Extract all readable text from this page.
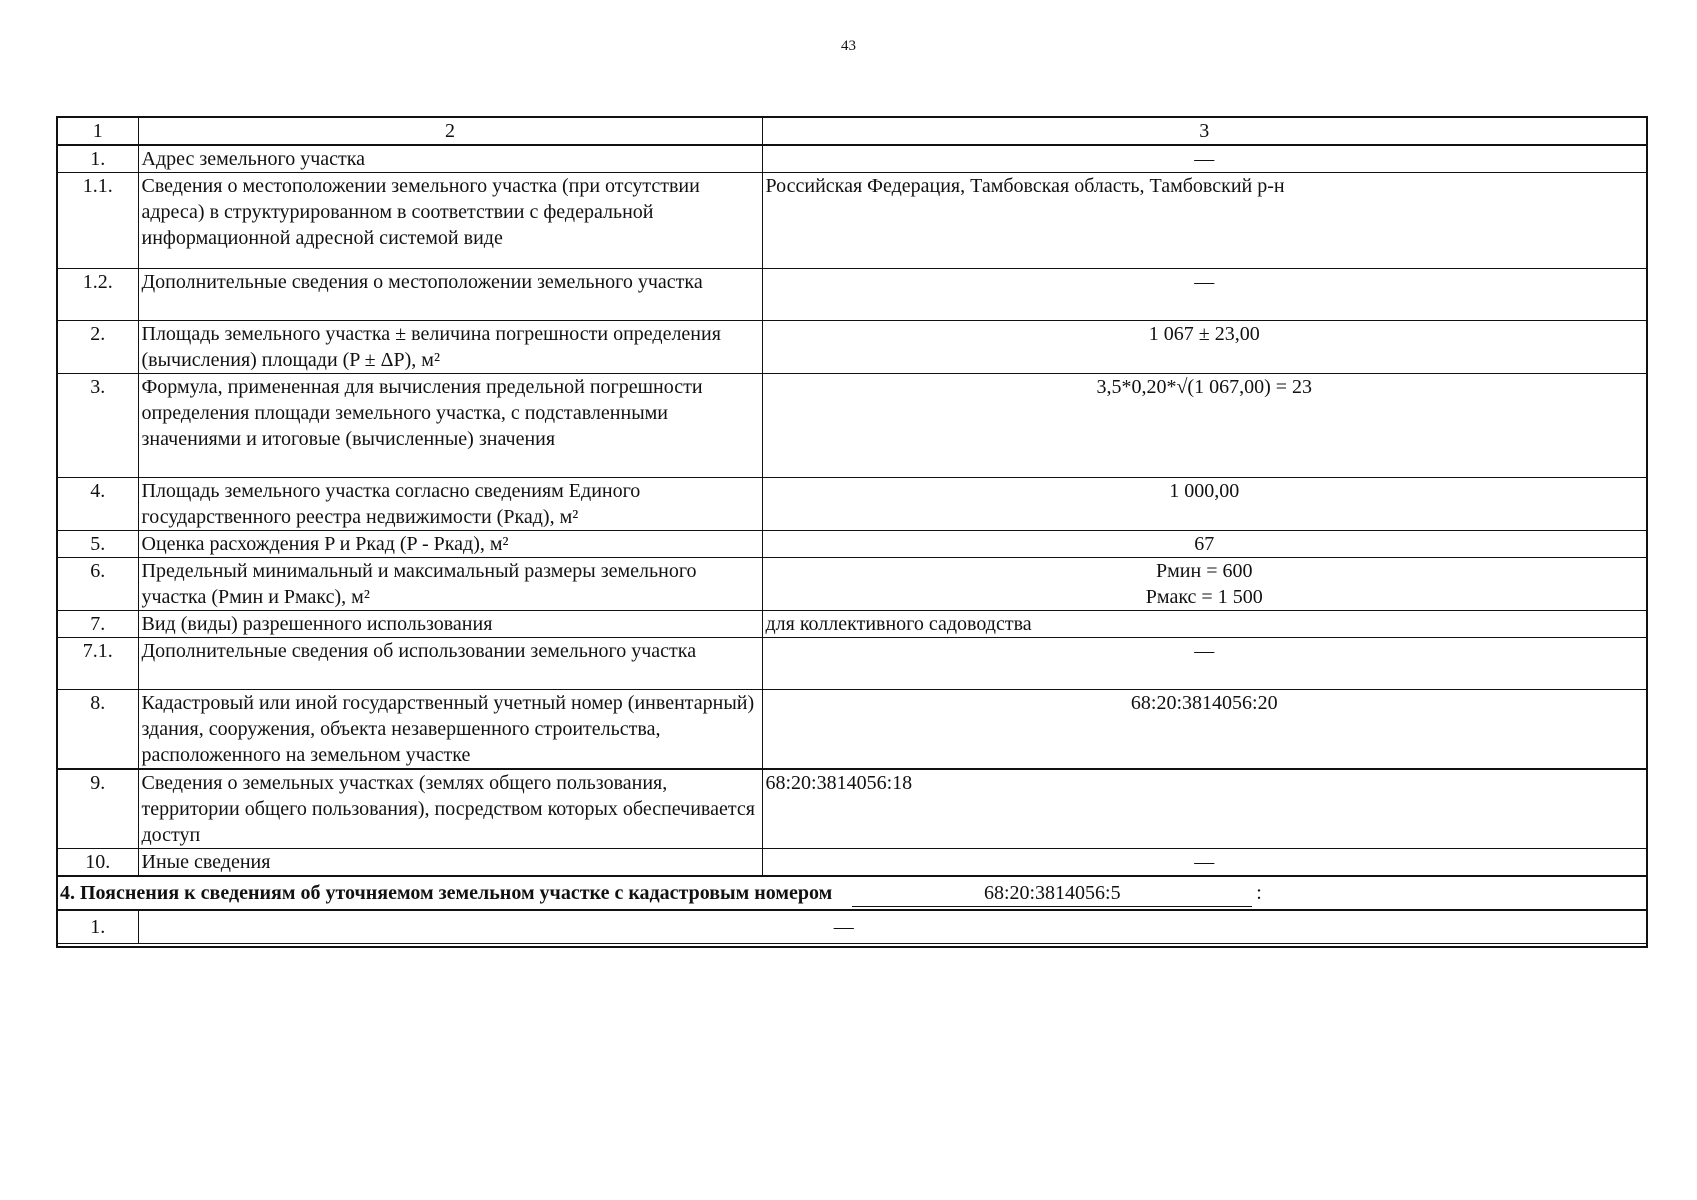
43
1	2	3
1.	Адрес земельного участка	—
1.1.	Сведения о местоположении земельного участка (при отсутствии адреса) в структурированном в соответствии с федеральной информационной адресной системой виде	Российская Федерация, Тамбовская область, Тамбовский р-н
1.2.	Дополнительные сведения о местоположении земельного участка	—
2.	Площадь земельного участка ± величина погрешности определения (вычисления) площади (P ± ΔP), м²	1 067 ± 23,00
3.	Формула, примененная для вычисления предельной погрешности определения площади земельного участка, с подставленными значениями и итоговые (вычисленные) значения	3,5*0,20*√(1 067,00) = 23
4.	Площадь земельного участка согласно сведениям Единого государственного реестра недвижимости (Pкад), м²	1 000,00
5.	Оценка расхождения P и Pкад (P - Pкад), м²	67
6.	Предельный минимальный и максимальный размеры земельного участка (Pмин и Pмакс), м²	Pмин = 600
Pмакс = 1 500

7.	Вид (виды) разрешенного использования	для коллективного садоводства
7.1.	Дополнительные сведения об использовании земельного участка	—
8.	Кадастровый или иной государственный учетный номер (инвентарный) здания, сооружения, объекта незавершенного строительства, расположенного на земельном участке	68:20:3814056:20
9.	Сведения о земельных участках (землях общего пользования, территории общего пользования), посредством которых обеспечивается доступ	68:20:3814056:18
10.	Иные сведения	—
4. Пояснения к сведениям об уточняемом земельном участке с кадастровым номером 68:20:3814056:5 :		
1.	—	
